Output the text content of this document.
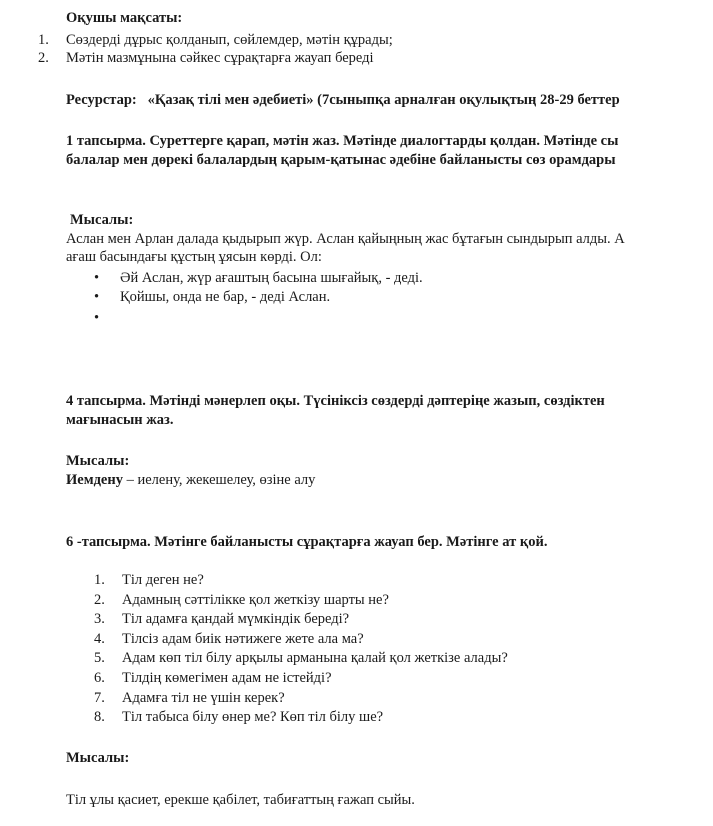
Оқушы мақсаты:
1. Сөздерді дұрыс қолданып, сөйлемдер, мәтін құрады;
2. Мәтін мазмұнына сәйкес сұрақтарға жауап береді
Ресурстар: «Қазақ тілі мен әдебиеті» (7сыныпқа арналған оқулықтың 28-29 беттер
1 тапсырма. Суреттерге қарап, мәтін жаз. Мәтінде диалогтарды қолдан. Мәтінде сы
балалар мен дөрекі балалардың қарым-қатынас әдебіне байланысты сөз орамдары
Мысалы:
Аслан мен Арлан далада қыдырып жүр. Аслан қайыңның жас бұтағын сындырып алды. А
ағаш басындағы құстың ұясын көрді. Ол:
• Әй Аслан, жүр ағаштың басына шығайық, - деді.
• Қойшы, онда не бар, - деді Аслан.
•
4 тапсырма. Мәтінді мәнерлеп оқы. Түсініксіз сөздерді дәптеріңе жазып, сөздіктен
мағынасын жаз.
Мысалы:
Иемдену – иелену, жекешелеу, өзіне алу
6 -тапсырма. Мәтінге байланысты сұрақтарға жауап бер. Мәтінге ат қой.
1. Тіл деген не?
2. Адамның сәттілікке қол жеткізу шарты не?
3. Тіл адамға қандай мүмкіндік береді?
4. Тілсіз адам биік нәтижеге жете ала ма?
5. Адам көп тіл білу арқылы арманына қалай қол жеткізе алады?
6. Тілдің көмегімен адам не істейді?
7. Адамға тіл не үшін керек?
8. Тіл табыса білу өнер ме? Көп тіл білу ше?
Мысалы:
Тіл ұлы қасиет, ерекше қабілет, табиғаттың ғажап сыйы.
